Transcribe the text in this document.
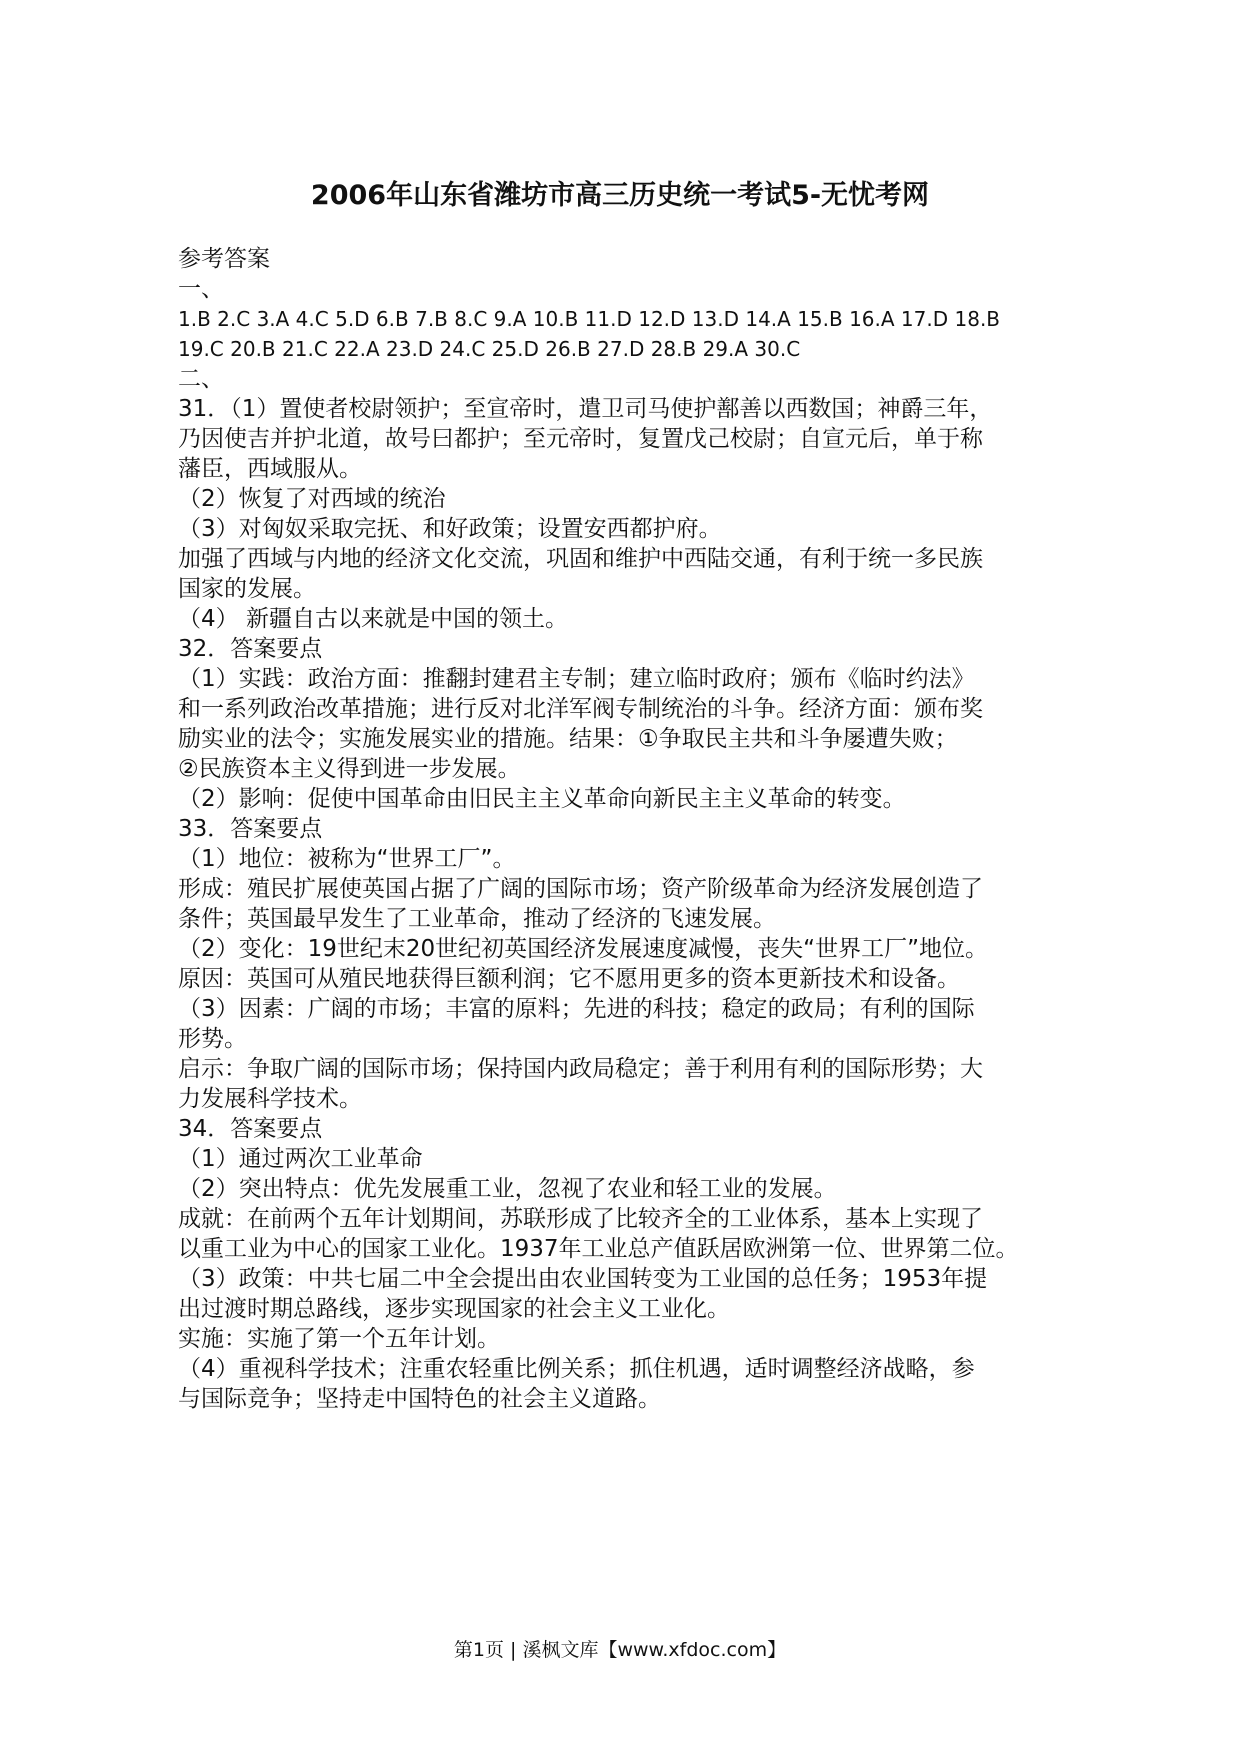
2006年山东省潍坊市高三历史统一考试5-无忧考网
参考答案
一、
1.B 2.C 3.A 4.C 5.D 6.B 7.B 8.C 9.A 10.B 11.D 12.D 13.D 14.A 15.B 16.A 17.D 18.B
19.C 20.B 21.C 22.A 23.D 24.C 25.D 26.B 27.D 28.B 29.A 30.C
二、
31．（1）置使者校尉领护；至宣帝时，遣卫司马使护鄯善以西数国；神爵三年，
乃因使吉并护北道，故号曰都护；至元帝时，复置戊己校尉；自宣元后，单于称
藩臣，西域服从。
（2）恢复了对西域的统治
（3）对匈奴采取完抚、和好政策；设置安西都护府。
加强了西域与内地的经济文化交流，巩固和维护中西陆交通，有利于统一多民族
国家的发展。
（4） 新疆自古以来就是中国的领土。
32．答案要点
（1）实践：政治方面：推翻封建君主专制；建立临时政府；颁布《临时约法》
和一系列政治改革措施；进行反对北洋军阀专制统治的斗争。经济方面：颁布奖
励实业的法令；实施发展实业的措施。结果：①争取民主共和斗争屡遭失败；
②民族资本主义得到进一步发展。
（2）影响：促使中国革命由旧民主主义革命向新民主主义革命的转变。
33．答案要点
（1）地位：被称为“世界工厂”。
形成：殖民扩展使英国占据了广阔的国际市场；资产阶级革命为经济发展创造了
条件；英国最早发生了工业革命，推动了经济的飞速发展。
（2）变化：19世纪末20世纪初英国经济发展速度减慢，丧失“世界工厂”地位。
原因：英国可从殖民地获得巨额利润；它不愿用更多的资本更新技术和设备。
（3）因素：广阔的市场；丰富的原料；先进的科技；稳定的政局；有利的国际
形势。
启示：争取广阔的国际市场；保持国内政局稳定；善于利用有利的国际形势；大
力发展科学技术。
34．答案要点
（1）通过两次工业革命
（2）突出特点：优先发展重工业，忽视了农业和轻工业的发展。
成就：在前两个五年计划期间，苏联形成了比较齐全的工业体系，基本上实现了
以重工业为中心的国家工业化。1937年工业总产值跃居欧洲第一位、世界第二位。
（3）政策：中共七届二中全会提出由农业国转变为工业国的总任务；1953年提
出过渡时期总路线，逐步实现国家的社会主义工业化。
实施：实施了第一个五年计划。
（4）重视科学技术；注重农轻重比例关系；抓住机遇，适时调整经济战略，参
与国际竞争；坚持走中国特色的社会主义道路。
第1页 | 溪枫文库【www.xfdoc.com】
